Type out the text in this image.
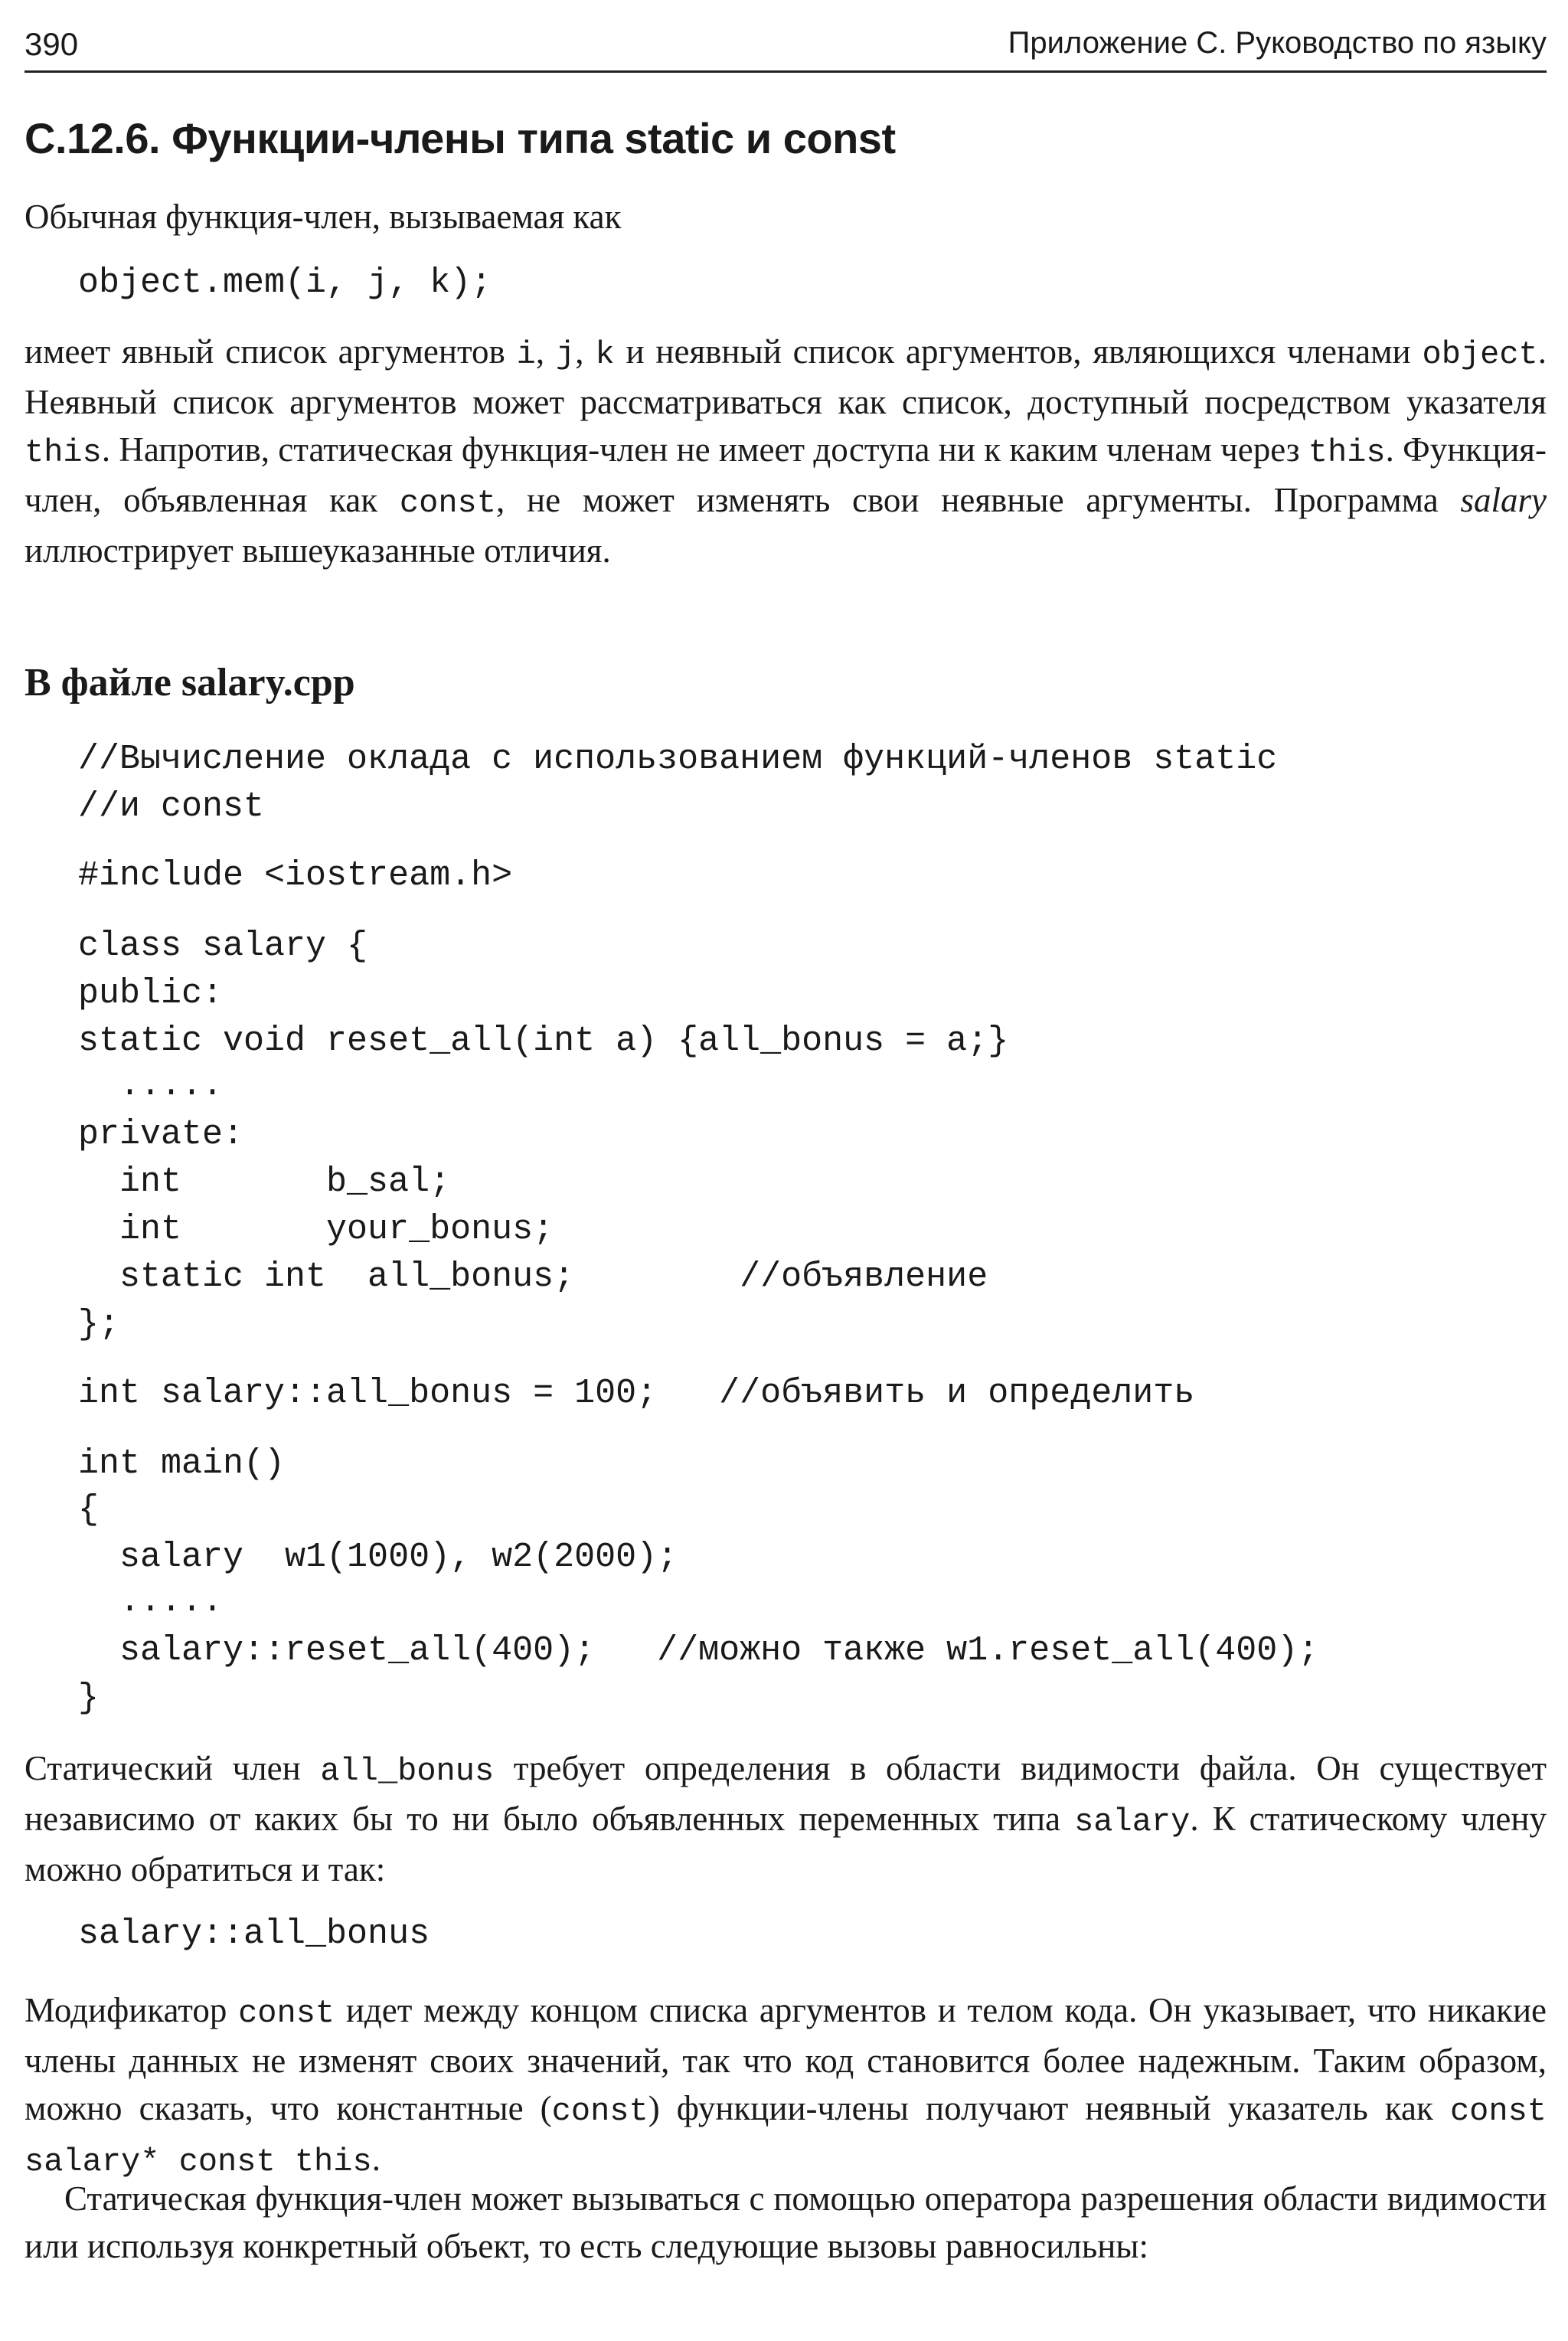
390	Приложение С. Руководство по языку
С.12.6. Функции-члены типа static и const

Обычная функция-член, вызываемая как

object.mem(i, j, k);

имеет явный список аргументов i, j, k и неявный список аргументов, являющихся членами object. Неявный список аргументов может рассматриваться как список, доступный посредством указателя this. Напротив, статическая функция-член не имеет доступа ни к каким членам через this. Функция-член, объявленная как const, не может изменять свои неявные аргументы. Программа salary иллюстрирует вышеуказанные отличия.

В файле salary.cpp

//Вычисление оклада с использованием функций-членов static

//и const

#include <iostream.h>

class salary {

public:

static void reset_all(int a) {all_bonus = a;}

.....

private:

int       b_sal;

int       your_bonus;

static int  all_bonus;        //объявление

};

int salary::all_bonus = 100;   //объявить и определить

int main()

{

salary  w1(1000), w2(2000);

.....

salary::reset_all(400);   //можно также w1.reset_all(400);

}

Статический член all_bonus требует определения в области видимости файла. Он существует независимо от каких бы то ни было объявленных переменных типа salary. К статическому члену можно обратиться и так:

salary::all_bonus

Модификатор const идет между концом списка аргументов и телом кода. Он указывает, что никакие члены данных не изменят своих значений, так что код становится более надежным. Таким образом, можно сказать, что константные (const) функции-члены получают неявный указатель как const salary* const this.

Статическая функция-член может вызываться с помощью оператора разрешения области видимости или используя конкретный объект, то есть следующие вызовы равносильны:
